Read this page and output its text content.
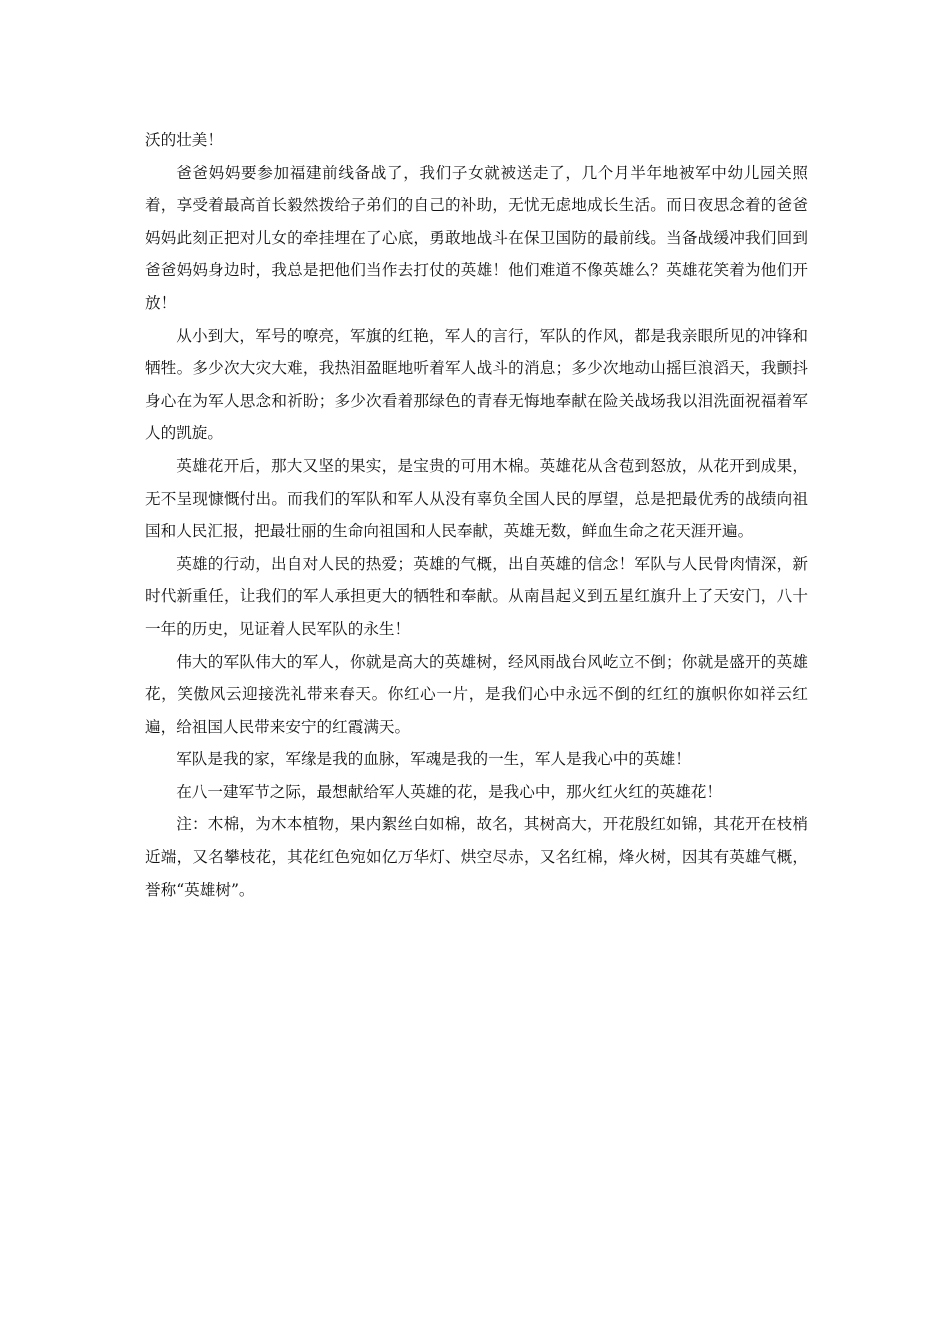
沃的壮美！

爸爸妈妈要参加福建前线备战了，我们子女就被送走了，几个月半年地被军中幼儿园关照着，享受着最高首长毅然拨给子弟们的自己的补助，无忧无虑地成长生活。而日夜思念着的爸爸妈妈此刻正把对儿女的牵挂埋在了心底，勇敢地战斗在保卫国防的最前线。当备战缓冲我们回到爸爸妈妈身边时，我总是把他们当作去打仗的英雄！他们难道不像英雄么？英雄花笑着为他们开放！

从小到大，军号的嘹亮，军旗的红艳，军人的言行，军队的作风，都是我亲眼所见的冲锋和牺牲。多少次大灾大难，我热泪盈眶地听着军人战斗的消息；多少次地动山摇巨浪滔天，我颤抖身心在为军人思念和祈盼；多少次看着那绿色的青春无悔地奉献在险关战场我以泪洗面祝福着军人的凯旋。

英雄花开后，那大又坚的果实，是宝贵的可用木棉。英雄花从含苞到怒放，从花开到成果，无不呈现慷慨付出。而我们的军队和军人从没有辜负全国人民的厚望，总是把最优秀的战绩向祖国和人民汇报，把最壮丽的生命向祖国和人民奉献，英雄无数，鲜血生命之花天涯开遍。

英雄的行动，出自对人民的热爱；英雄的气概，出自英雄的信念！军队与人民骨肉情深，新时代新重任，让我们的军人承担更大的牺牲和奉献。从南昌起义到五星红旗升上了天安门，八十一年的历史，见证着人民军队的永生！

伟大的军队伟大的军人，你就是高大的英雄树，经风雨战台风屹立不倒；你就是盛开的英雄花，笑傲风云迎接洗礼带来春天。你红心一片，是我们心中永远不倒的红红的旗帜你如祥云红遍，给祖国人民带来安宁的红霞满天。

军队是我的家，军缘是我的血脉，军魂是我的一生，军人是我心中的英雄！

在八一建军节之际，最想献给军人英雄的花，是我心中，那火红火红的英雄花！

注：木棉，为木本植物，果内絮丝白如棉，故名，其树高大，开花殷红如锦，其花开在枝梢近端，又名攀枝花，其花红色宛如亿万华灯、烘空尽赤，又名红棉，烽火树，因其有英雄气概，誉称“英雄树”。
